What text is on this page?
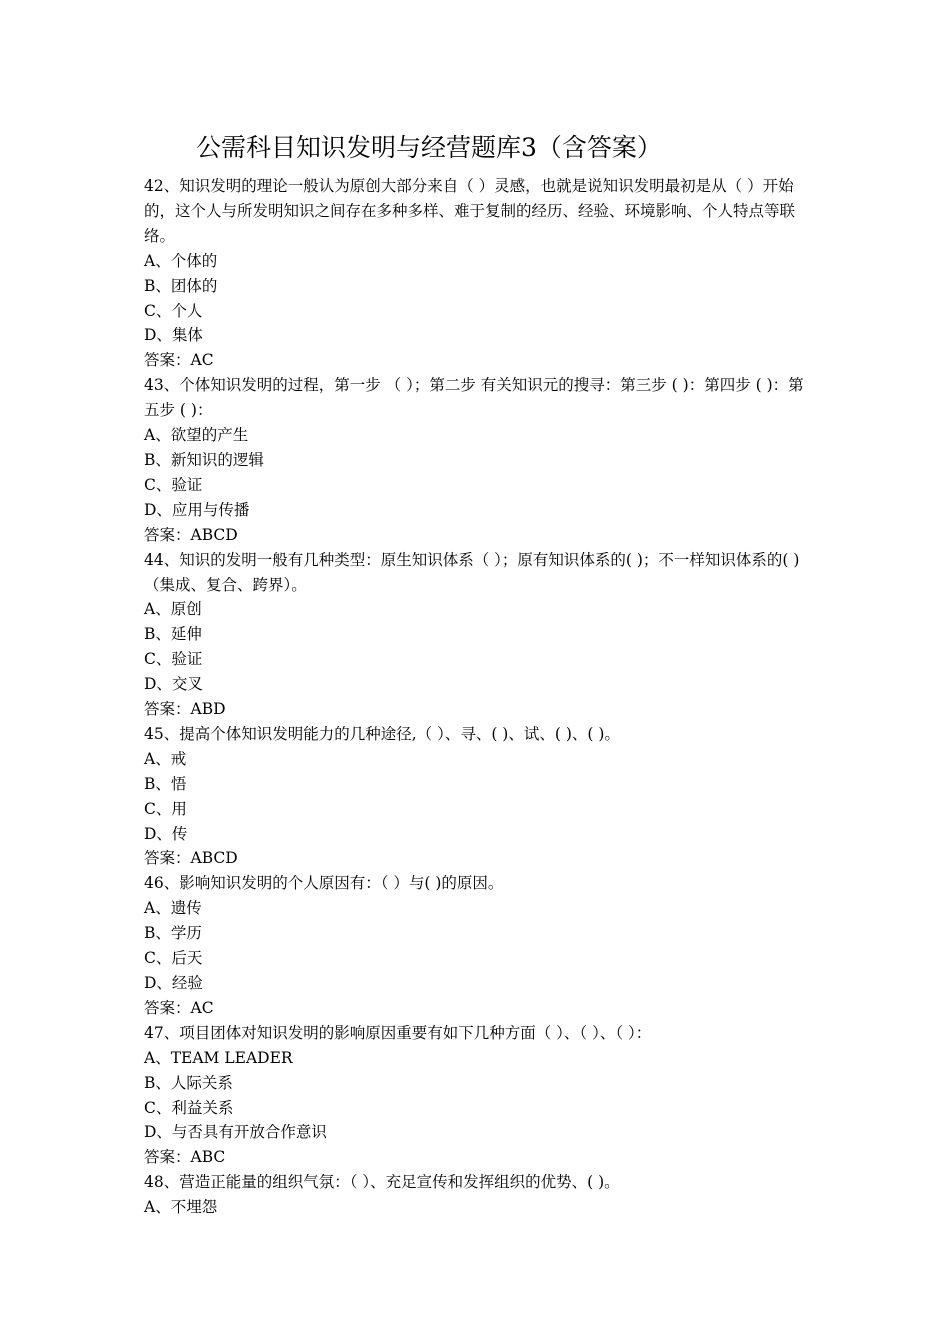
公需科目知识发明与经营题库3（含答案）
42、知识发明的理论一般认为原创大部分来自（ ）灵感，也就是说知识发明最初是从（ ）开始的，这个人与所发明知识之间存在多种多样、难于复制的经历、经验、环境影响、个人特点等联络。
A、个体的
B、团体的
C、个人
D、集体
答案：AC
43、个体知识发明的过程，第一步 （ ）；第二步 有关知识元的搜寻：第三步 ( )：第四步 ( )：第五步 ( )：
A、欲望的产生
B、新知识的逻辑
C、验证
D、应用与传播
答案：ABCD
44、知识的发明一般有几种类型：原生知识体系（ ）；原有知识体系的( )；不一样知识体系的( )（集成、复合、跨界）。
A、原创
B、延伸
C、验证
D、交叉
答案：ABD
45、提高个体知识发明能力的几种途径,（ ）、寻、( )、试、( )、( )。
A、戒
B、悟
C、用
D、传
答案：ABCD
46、影响知识发明的个人原因有：（ ）与( )的原因。
A、遗传
B、学历
C、后天
D、经验
答案：AC
47、项目团体对知识发明的影响原因重要有如下几种方面（ ）、（ ）、（ ）：
A、TEAM LEADER
B、人际关系
C、利益关系
D、与否具有开放合作意识
答案：ABC
48、营造正能量的组织气氛：（ ）、充足宣传和发挥组织的优势、( )。
A、不埋怨
